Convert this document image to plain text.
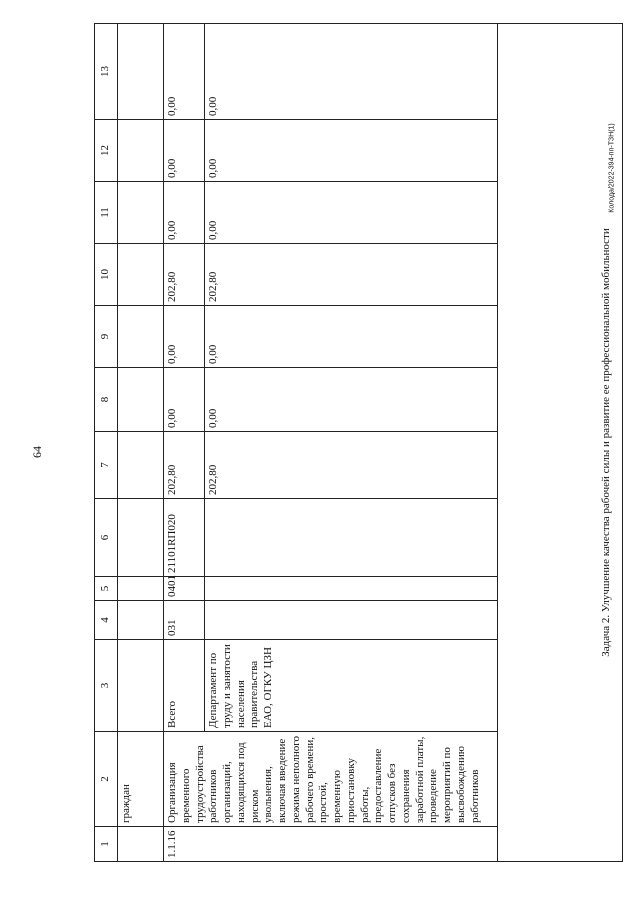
64
Колода/2022-394-пп-ТЗН(1)
1	2	3	4	5	6	7	8	9	10	11	12	13
	граждан											
1.1.16	Организация временного трудоустройства работников организаций, находящихся под риском увольнения, включая введение режима неполного рабочего времени, простой, временную приостановку работы, предоставление отпусков без сохранения заработной платы, проведение мероприятий по высвобождению работников	Всего	031	0401	21101RП020	202,80	0,00	0,00	202,80	0,00	0,00	0,00
		Департамент по труду и занятости населения правительства ЕАО, ОГКУ ЦЗН				202,80	0,00	0,00	202,80	0,00	0,00	0,00
Задача 2. Улучшение качества рабочей силы и развитие ее профессиональной мобильности												
